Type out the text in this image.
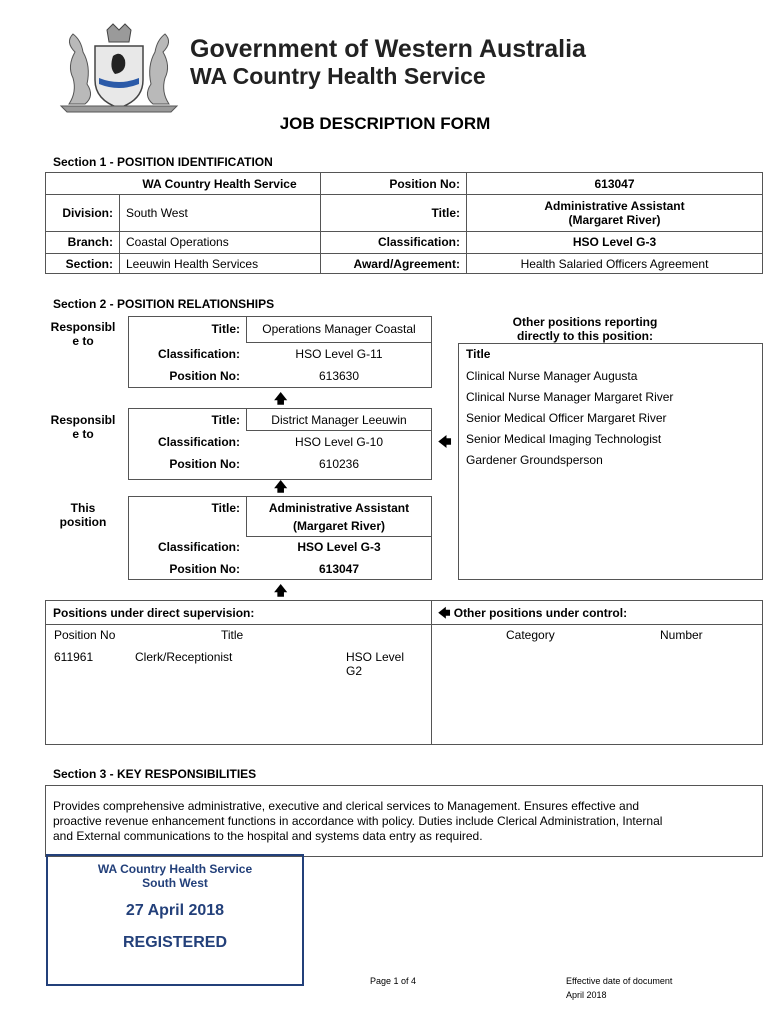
Government of Western Australia
WA Country Health Service
JOB DESCRIPTION FORM
Section 1 - POSITION IDENTIFICATION
WA Country Health Service	Position No:	613047
Division: South West	Title:	Administrative Assistant
(Margaret River)
Branch: Coastal Operations	Classification:	HSO Level G-3
Section: Leeuwin Health Services	Award/Agreement:	Health Salaried Officers Agreement
Section 2 - POSITION RELATIONSHIPS
Responsibl
e to
Responsibl
e to
This
position
Title:	Operations Manager Coastal
Classification:	HSO Level G-11
Position No:	613630
🡅
Title:	District Manager Leeuwin
Classification:	HSO Level G-10
Position No:	610236
🡄
🡅
Title:	Administrative Assistant
(Margaret River)
Classification:	HSO Level G-3
Position No:	613047
🡅
Other positions reporting
directly to this position:
Title
Clinical Nurse Manager Augusta
Clinical Nurse Manager Margaret River
Senior Medical Officer Margaret River
Senior Medical Imaging Technologist
Gardener Groundsperson
Positions under direct supervision:	🡄 Other positions under control:
Position No	Title	Category	Number
611961	Clerk/Receptionist	HSO Level
G2
Section 3 - KEY RESPONSIBILITIES
Provides comprehensive administrative, executive and clerical services to Management. Ensures effective and
proactive revenue enhancement functions in accordance with policy. Duties include Clerical Administration, Internal
and External communications to the hospital and systems data entry as required.
WA Country Health Service
South West
27 April 2018
REGISTERED
Page 1 of 4	Effective date of document
April 2018
